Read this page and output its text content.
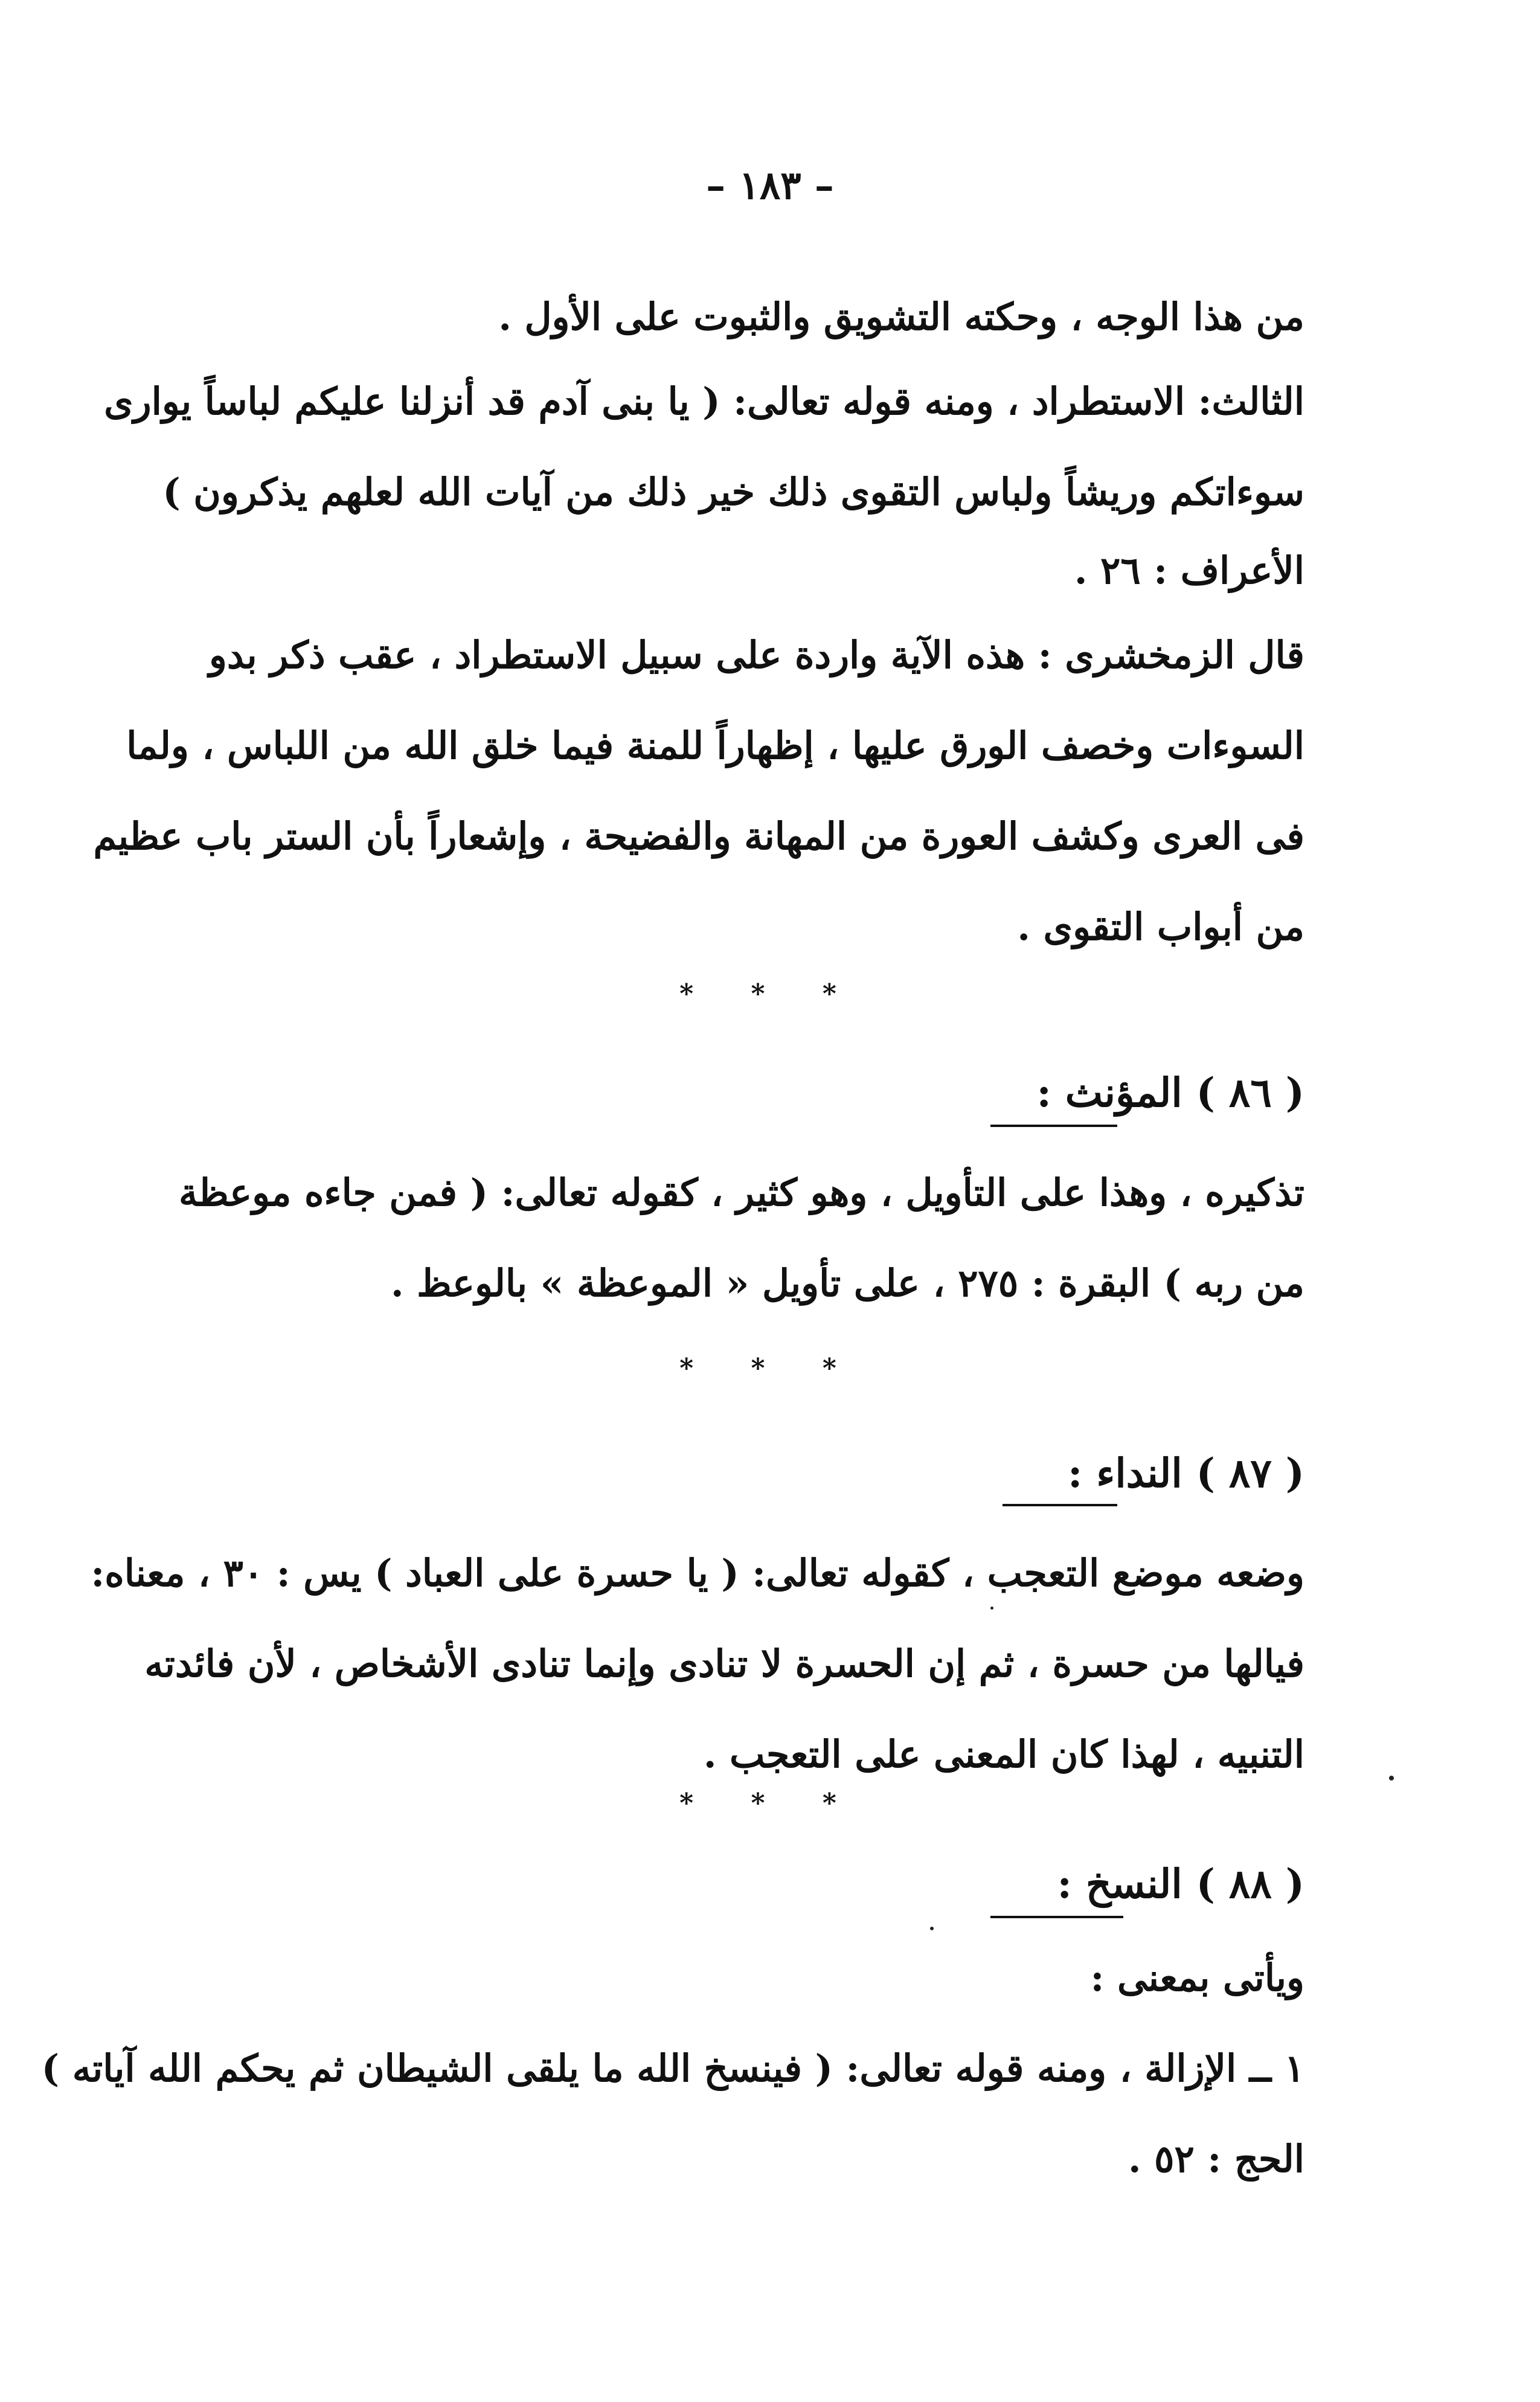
– ١٨٣ –
من هذا الوجه ، وحكته التشويق والثبوت على الأول .
الثالث: الاستطراد ، ومنه قوله تعالى: ( يا بنى آدم قد أنزلنا عليكم لباساً يوارى
سوءاتكم وريشاً ولباس التقوى ذلك خير ذلك من آيات الله لعلهم يذكرون )
الأعراف : ٢٦ .
قال الزمخشرى : هذه الآية واردة على سبيل الاستطراد ، عقب ذكر بدو
السوءات وخصف الورق عليها ، إظهاراً للمنة فيما خلق الله من اللباس ، ولما
فى العرى وكشف العورة من المهانة والفضيحة ، وإشعاراً بأن الستر باب عظيم
من أبواب التقوى .
* * *
( ٨٦ ) المؤنث :
تذكيره ، وهذا على التأويل ، وهو كثير ، كقوله تعالى: ( فمن جاءه موعظة
من ربه ) البقرة : ٢٧٥ ، على تأويل « الموعظة » بالوعظ .
* * *
( ٨٧ ) النداء :
وضعه موضع التعجب ، كقوله تعالى: ( يا حسرة على العباد ) يس : ٣٠ ، معناه:
فيالها من حسرة ، ثم إن الحسرة لا تنادى وإنما تنادى الأشخاص ، لأن فائدته
التنبيه ، لهذا كان المعنى على التعجب .
* * *
( ٨٨ ) النسخ :
ويأتى بمعنى :
١ ــ الإزالة ، ومنه قوله تعالى: ( فينسخ الله ما يلقى الشيطان ثم يحكم الله آياته )
الحج : ٥٢ .
